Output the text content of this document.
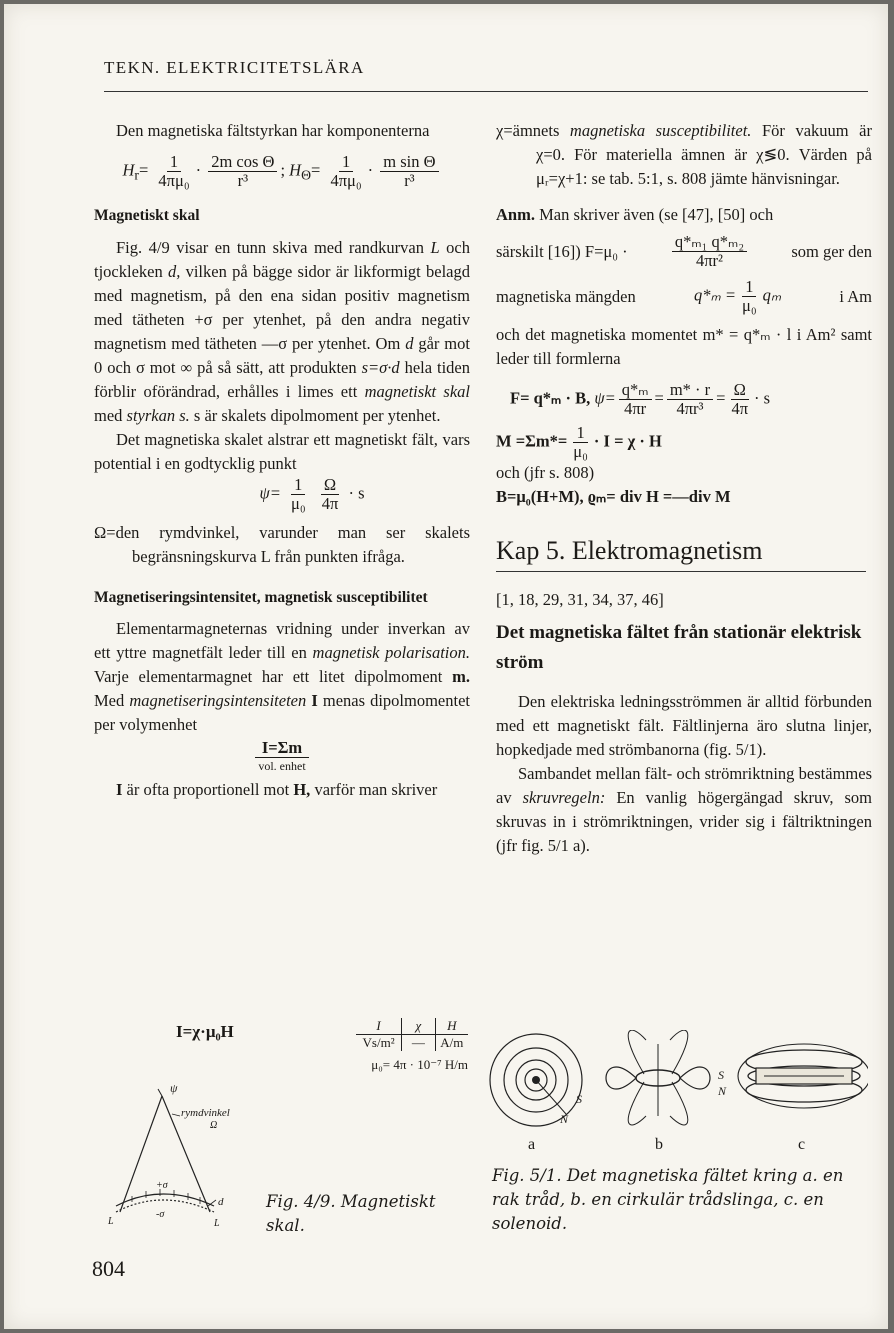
TEKN. ELEKTRICITETSLÄRA

Den magnetiska fältstyrkan har komponenterna

$H_r= \frac{1}{\text{4πμ₀}} \cdot \frac{\text{2m cos Θ}}{\text{r³}}$ ; $H_\Theta= \frac{1}{\text{4πμ₀}} \cdot \frac{\text{m sin Θ}}{\text{r³}}$
Magnetiskt skal

Fig. 4/9 visar en tunn skiva med randkurvan L och tjockleken d, vilken på bägge sidor är likformigt belagd med magnetism, på den ena sidan positiv magnetism med tätheten +σ per ytenhet, på den andra negativ magnetism med tätheten —σ per ytenhet. Om d går mot 0 och σ mot ∞ på så sätt, att produkten s=σ·d hela tiden förblir oförändrad, erhålles i limes ett magnetiskt skal med styrkan s. s är skalets dipolmoment per ytenhet.

Det magnetiska skalet alstrar ett magnetiskt fält, vars potential i en godtycklig punkt

$\psi= \frac{1}{\text{μ₀}}$
$\frac{\Omega}{4\pi} \cdot s$

Ω=den rymdvinkel, varunder man ser skalets begränsningskurva L från punkten ifråga.

Magnetiseringsintensitet, magnetisk susceptibilitet

Elementarmagneternas vridning under inverkan av ett yttre magnetfält leder till en magnetisk polarisation. Varje elementarmagnet har ett litet dipolmoment m. Med magnetiseringsintensiteten I menas dipolmomentet per volymenhet

$\frac{I=\Sigma m}{\text{vol. enhet}}$

I är ofta proportionell mot H, varför man skriver

I=χ·μ₀H	I	χ	H
Vs/m²	—	A/m
μ₀= 4π · 10⁻⁷ H/m
ψ
rymdvinkel
Ω
+σ
-σ
d
L	L
Fig. 4/9. Magnetiskt skal.
804

χ=ämnets magnetiska susceptibilitet. För vakuum är χ=0. För materiella ämnen är χ≶0. Värden på μᵣ=χ+1: se tab. 5:1, s. 808 jämte hänvisningar.

Anm. Man skriver även (se [47], [50] och

särskilt [16]) F=μ₀ ·	$\frac{\text{q*ₘ₁ q*ₘ₂}}{\text{4πr²}}$	som ger den
magnetiska mängden	$q*_m = \frac{1}{\text{μ₀}}$ qₘ	i Am

och det magnetiska momentet m* = q*ₘ · l i Am² samt leder till formlerna

F= q*ₘ · B, $\psi= \frac{\text{q*ₘ}}{4\pi r} = \frac{m* \cdot r}{\text{4πr³}} = \frac{\Omega}{4\pi} \cdot s$
$M =\Sigma m*= \frac{1}{\text{μ₀}} \cdot I = \chi \cdot H$

och (jfr s. 808)

B=μ₀(H+M), ϱₘ= div H =—div M

Kap 5. Elektromagnetism

[1, 18, 29, 31, 34, 37, 46]

Det magnetiska fältet från stationär elektrisk ström

Den elektriska ledningsströmmen är alltid förbunden med ett magnetiskt fält. Fältlinjerna äro slutna linjer, hopkedjade med strömbanorna (fig. 5/1).

Sambandet mellan fält- och strömriktning bestämmes av skruvregeln: En vanlig högergängad skruv, som skruvas in i strömriktningen, vrider sig i fältriktningen (jfr fig. 5/1 a).

S
N
S
N
a	b	c
Fig. 5/1. Det magnetiska fältet kring a. en rak tråd, b. en cirkulär trådslinga, c. en solenoid.
